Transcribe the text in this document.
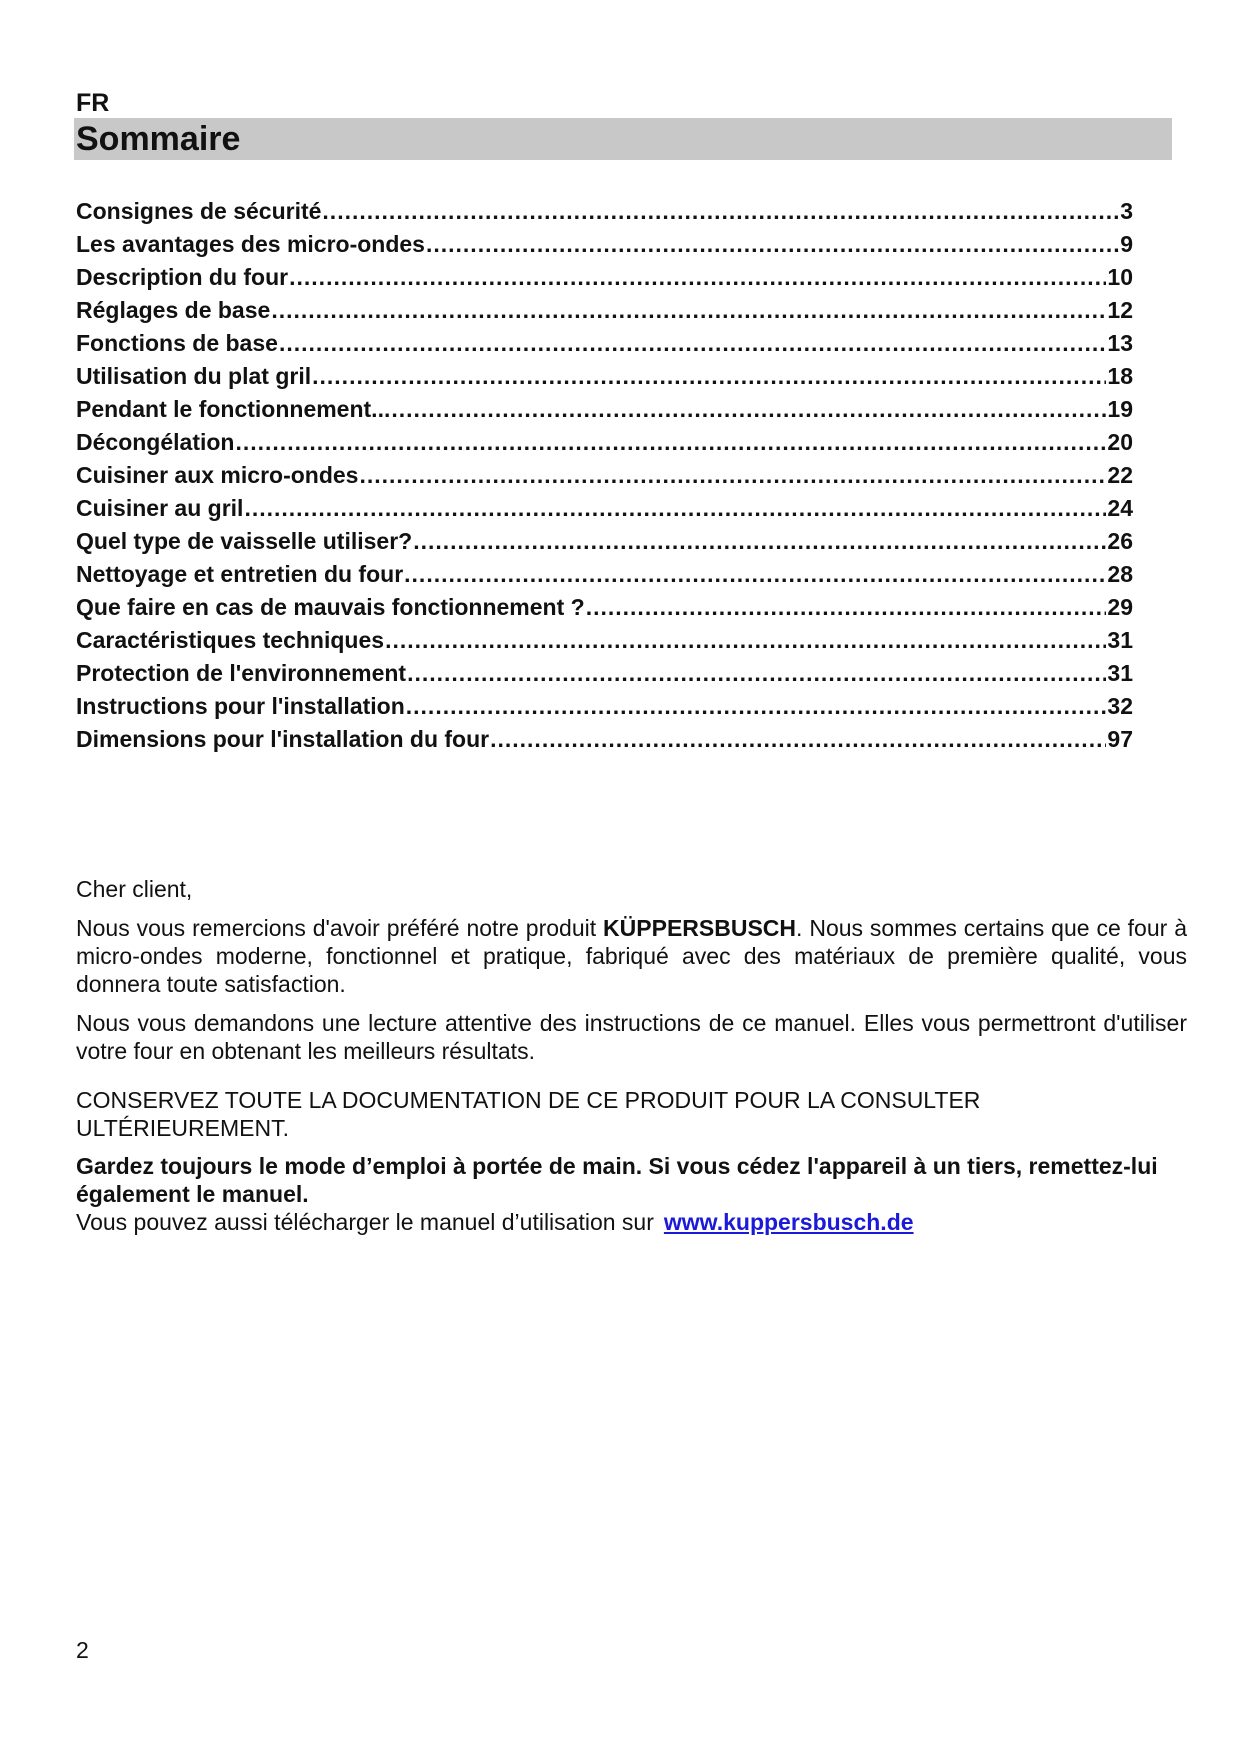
FR
Sommaire
Consignes de sécurité .....	3
Les avantages des micro-ondes .....	9
Description du four .....	10
Réglages de base .....	12
Fonctions de base .....	13
Utilisation du plat gril .....	18
Pendant le fonctionnement... .....	19
Décongélation .....	20
Cuisiner aux micro-ondes .....	22
Cuisiner au gril .....	24
Quel type de vaisselle utiliser? .....	26
Nettoyage et entretien du four .....	28
Que faire en cas de mauvais fonctionnement ? .....	29
Caractéristiques techniques .....	31
Protection de l'environnement .....	31
Instructions pour l'installation .....	32
Dimensions pour l'installation du four .....	97

Cher client,

Nous vous remercions d'avoir préféré notre produit KÜPPERSBUSCH. Nous sommes certains que ce four à micro-ondes moderne, fonctionnel et pratique, fabriqué avec des matériaux de première qualité, vous donnera toute satisfaction.

Nous vous demandons une lecture attentive des instructions de ce manuel. Elles vous permettront d'utiliser votre four en obtenant les meilleurs résultats.

CONSERVEZ TOUTE LA DOCUMENTATION DE CE PRODUIT POUR LA CONSULTER ULTÉRIEUREMENT.

Gardez toujours le mode d’emploi à portée de main. Si vous cédez l'appareil à un tiers, remettez-lui également le manuel.

Vous pouvez aussi télécharger le manuel d’utilisation sur www.kuppersbusch.de

2
